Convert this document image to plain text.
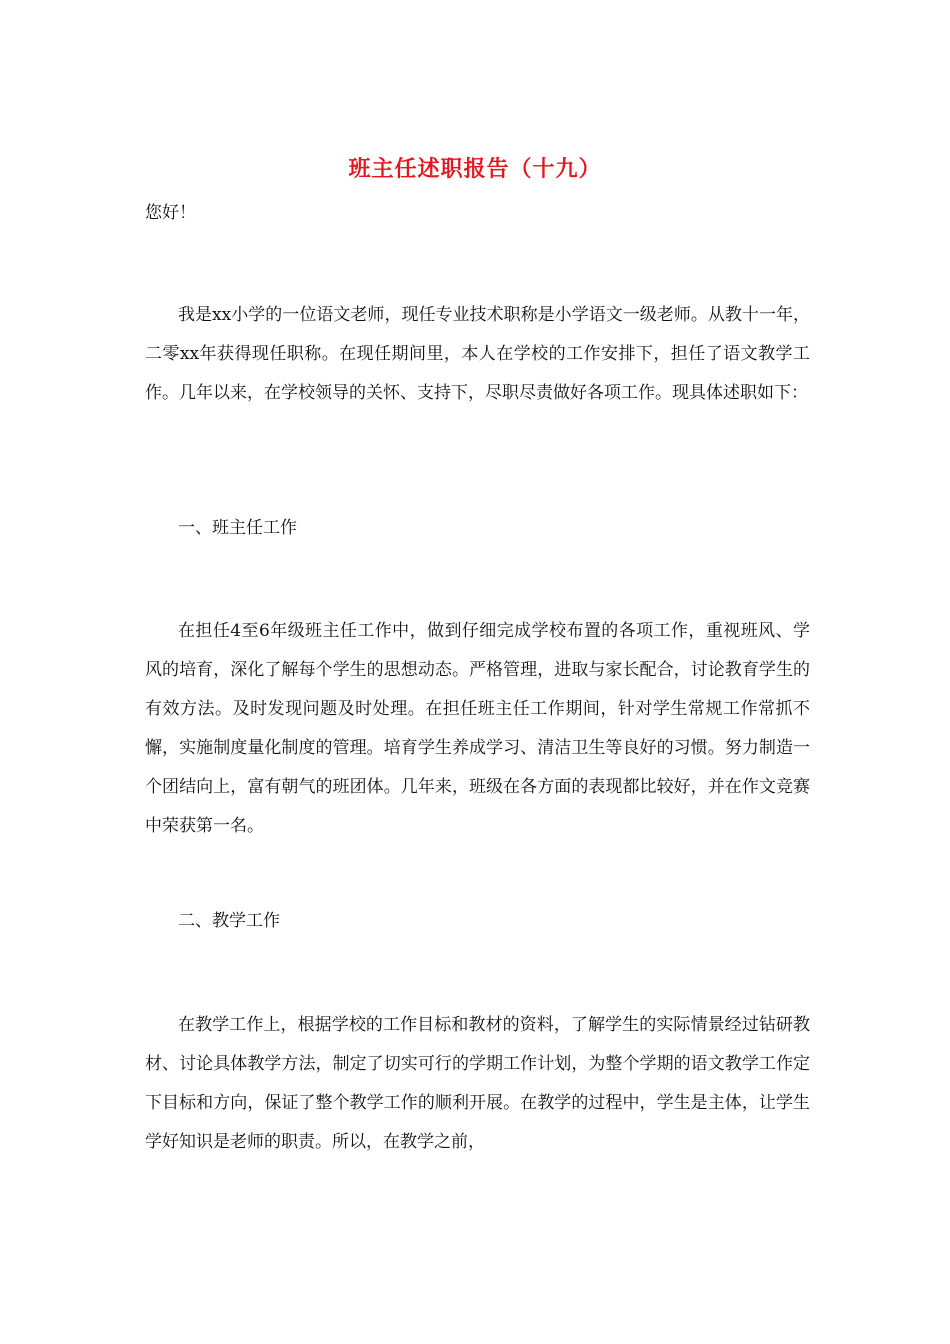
班主任述职报告（十九）
您好！

我是xx小学的一位语文老师，现任专业技术职称是小学语文一级老师。从教十一年，二零xx年获得现任职称。在现任期间里，本人在学校的工作安排下，担任了语文教学工作。几年以来，在学校领导的关怀、支持下，尽职尽责做好各项工作。现具体述职如下：

一、班主任工作

在担任4至6年级班主任工作中，做到仔细完成学校布置的各项工作，重视班风、学风的培育，深化了解每个学生的思想动态。严格管理，进取与家长配合，讨论教育学生的有效方法。及时发现问题及时处理。在担任班主任工作期间，针对学生常规工作常抓不懈，实施制度量化制度的管理。培育学生养成学习、清洁卫生等良好的习惯。努力制造一个团结向上，富有朝气的班团体。几年来，班级在各方面的表现都比较好，并在作文竞赛中荣获第一名。

二、教学工作

在教学工作上，根据学校的工作目标和教材的资料，了解学生的实际情景经过钻研教材、讨论具体教学方法，制定了切实可行的学期工作计划，为整个学期的语文教学工作定下目标和方向，保证了整个教学工作的顺利开展。在教学的过程中，学生是主体，让学生学好知识是老师的职责。所以，在教学之前，
